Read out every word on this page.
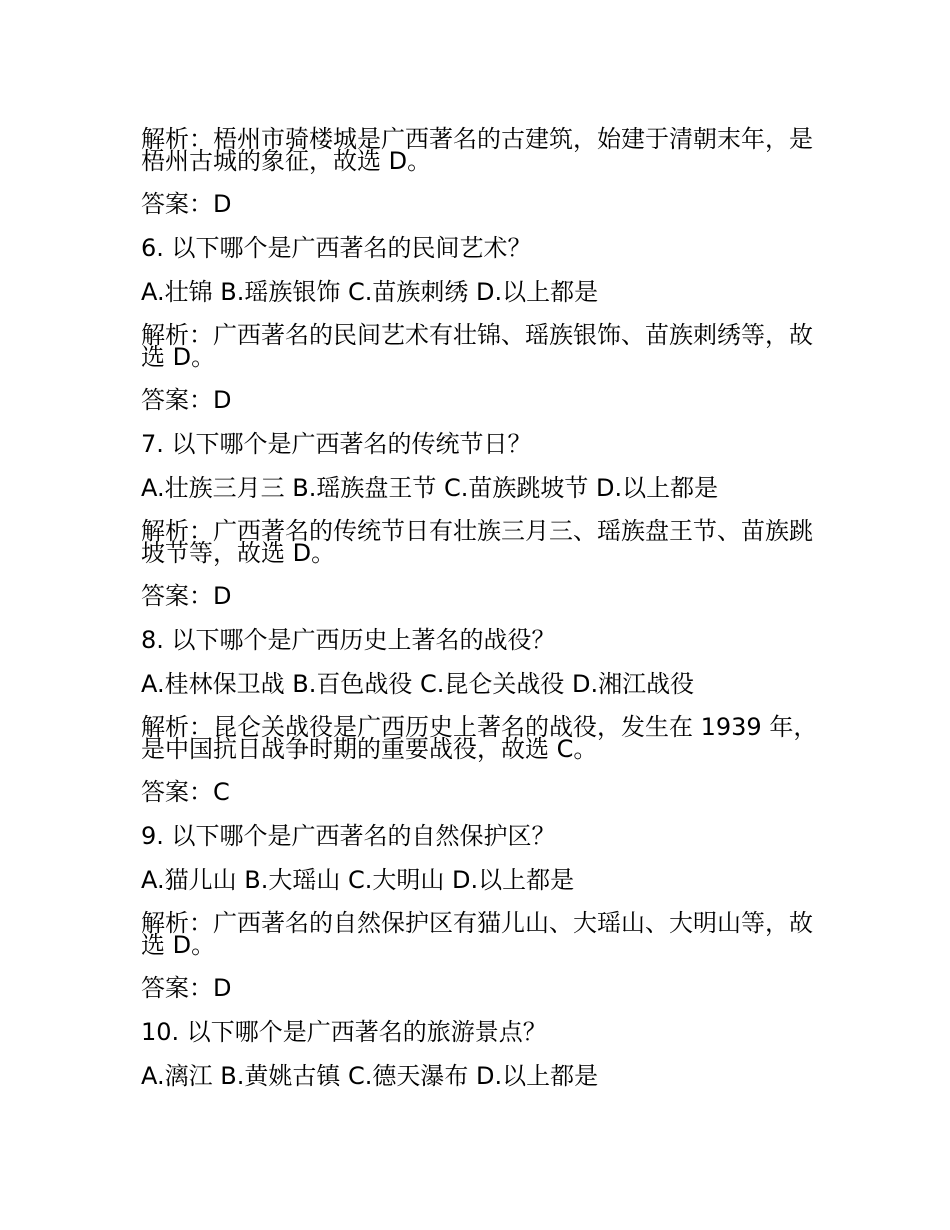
解析：梧州市骑楼城是广西著名的古建筑，始建于清朝末年，是梧州古城的象征，故选 D。

答案：D

6. 以下哪个是广西著名的民间艺术？

A.壮锦 B.瑶族银饰 C.苗族刺绣 D.以上都是

解析：广西著名的民间艺术有壮锦、瑶族银饰、苗族刺绣等，故选 D。

答案：D

7. 以下哪个是广西著名的传统节日？

A.壮族三月三 B.瑶族盘王节 C.苗族跳坡节 D.以上都是

解析：广西著名的传统节日有壮族三月三、瑶族盘王节、苗族跳坡节等，故选 D。

答案：D

8. 以下哪个是广西历史上著名的战役？

A.桂林保卫战 B.百色战役 C.昆仑关战役 D.湘江战役

解析：昆仑关战役是广西历史上著名的战役，发生在 1939 年，是中国抗日战争时期的重要战役，故选 C。

答案：C

9. 以下哪个是广西著名的自然保护区？

A.猫儿山 B.大瑶山 C.大明山 D.以上都是

解析：广西著名的自然保护区有猫儿山、大瑶山、大明山等，故选 D。

答案：D

10. 以下哪个是广西著名的旅游景点？

A.漓江 B.黄姚古镇 C.德天瀑布 D.以上都是
